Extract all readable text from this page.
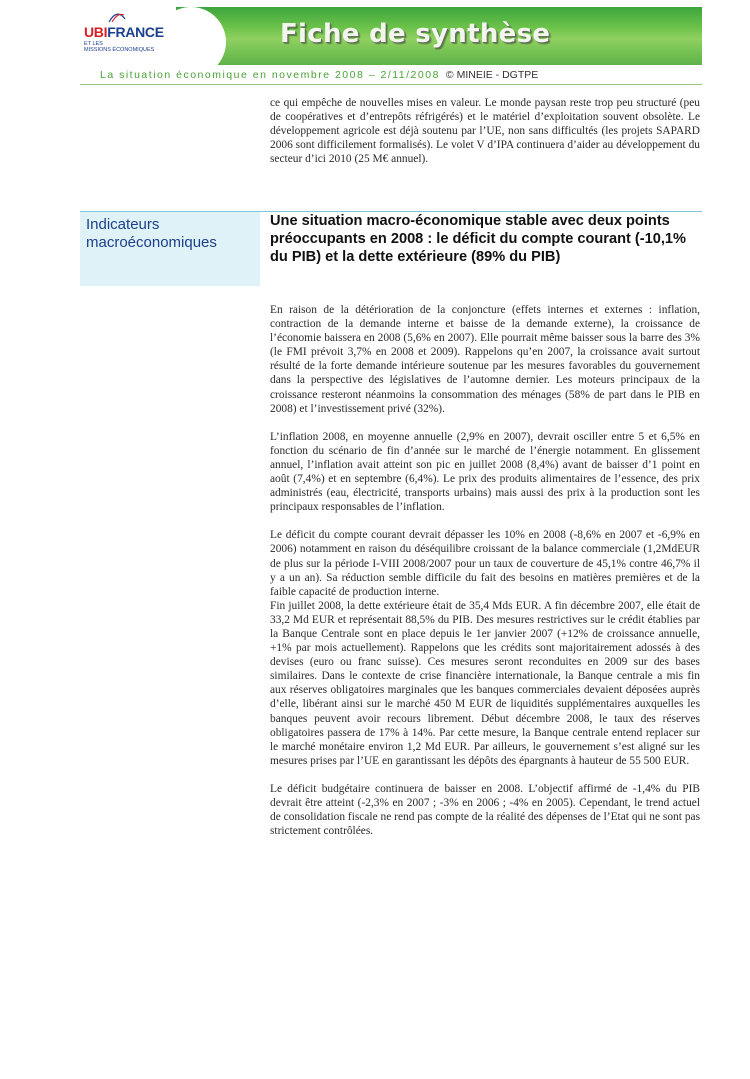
UBIFRANCE
ET LES
MISSIONS ÉCONOMIQUES
Fiche de synthèse
La situation économique en novembre 2008 – 2/11/2008 © MINEIE - DGTPE

ce qui empêche de nouvelles mises en valeur. Le monde paysan reste trop peu structuré (peu de coopératives et d’entrepôts réfrigérés) et le matériel d’exploitation souvent obsolète. Le développement agricole est déjà soutenu par l’UE, non sans difficultés (les projets SAPARD 2006 sont difficilement formalisés). Le volet V d’IPA continuera d’aider au développement du secteur d’ici 2010 (25 M€ annuel).

Indicateurs
macroéconomiques
Une situation macro-économique stable avec deux points préoccupants en 2008 : le déficit du compte courant (-10,1% du PIB) et la dette extérieure (89% du PIB)

En raison de la détérioration de la conjoncture (effets internes et externes : inflation, contraction de la demande interne et baisse de la demande externe), la croissance de l’économie baissera en 2008 (5,6% en 2007). Elle pourrait même baisser sous la barre des 3% (le FMI prévoit 3,7% en 2008 et 2009). Rappelons qu’en 2007, la croissance avait surtout résulté de la forte demande intérieure soutenue par les mesures favorables du gouvernement dans la perspective des législatives de l’automne dernier. Les moteurs principaux de la croissance resteront néanmoins la consommation des ménages (58% de part dans le PIB en 2008) et l’investissement privé (32%).

L’inflation 2008, en moyenne annuelle (2,9% en 2007), devrait osciller entre 5 et 6,5% en fonction du scénario de fin d’année sur le marché de l’énergie notamment. En glissement annuel, l’inflation avait atteint son pic en juillet 2008 (8,4%) avant de baisser d’1 point en août (7,4%) et en septembre (6,4%). Le prix des produits alimentaires de l’essence, des prix administrés (eau, électricité, transports urbains) mais aussi des prix à la production sont les principaux responsables de l’inflation.

Le déficit du compte courant devrait dépasser les 10% en 2008 (-8,6% en 2007 et -6,9% en 2006) notamment en raison du déséquilibre croissant de la balance commerciale (1,2MdEUR de plus sur la période I-VIII 2008/2007 pour un taux de couverture de 45,1% contre 46,7% il y a un an). Sa réduction semble difficile du fait des besoins en matières premières et de la faible capacité de production interne.

Fin juillet 2008, la dette extérieure était de 35,4 Mds EUR. A fin décembre 2007, elle était de 33,2 Md EUR et représentait 88,5% du PIB. Des mesures restrictives sur le crédit établies par la Banque Centrale sont en place depuis le 1er janvier 2007 (+12% de croissance annuelle, +1% par mois actuellement). Rappelons que les crédits sont majoritairement adossés à des devises (euro ou franc suisse). Ces mesures seront reconduites en 2009 sur des bases similaires. Dans le contexte de crise financière internationale, la Banque centrale a mis fin aux réserves obligatoires marginales que les banques commerciales devaient déposées auprès d’elle, libérant ainsi sur le marché 450 M EUR de liquidités supplémentaires auxquelles les banques peuvent avoir recours librement. Début décembre 2008, le taux des réserves obligatoires passera de 17% à 14%. Par cette mesure, la Banque centrale entend replacer sur le marché monétaire environ 1,2 Md EUR. Par ailleurs, le gouvernement s’est aligné sur les mesures prises par l’UE en garantissant les dépôts des épargnants à hauteur de 55 500 EUR.

Le déficit budgétaire continuera de baisser en 2008. L’objectif affirmé de -1,4% du PIB devrait être atteint (-2,3% en 2007 ; -3% en 2006 ; -4% en 2005). Cependant, le trend actuel de consolidation fiscale ne rend pas compte de la réalité des dépenses de l’Etat qui ne sont pas strictement contrôlées.
